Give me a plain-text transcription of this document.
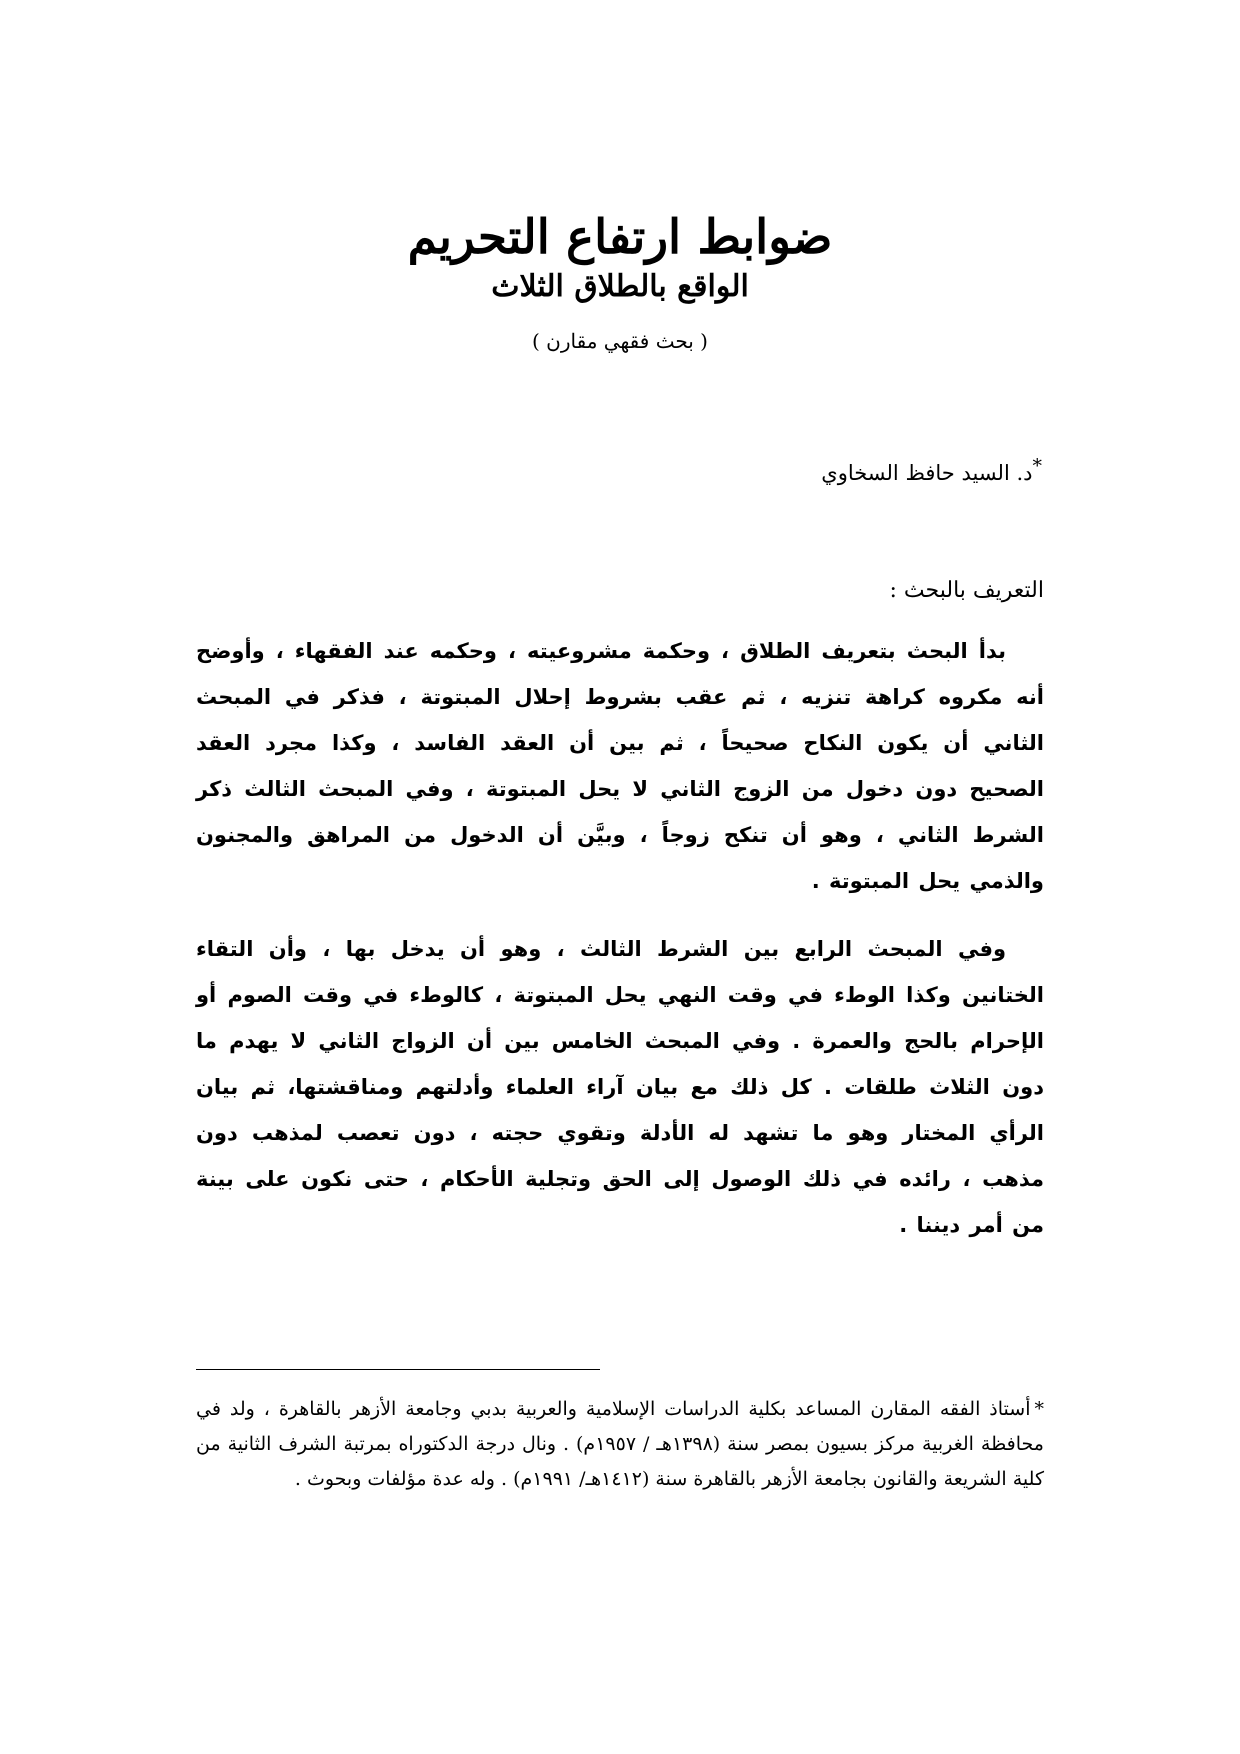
ضوابط ارتفاع التحريم
الواقع بالطلاق الثلاث
( بحث فقهي مقارن )
*د. السيد حافظ السخاوي
التعريف بالبحث :

بدأ البحث بتعريف الطلاق ، وحكمة مشروعيته ، وحكمه عند الفقهاء ، وأوضح أنه مكروه كراهة تنزيه ، ثم عقب بشروط إحلال المبتوتة ، فذكر في المبحث الثاني أن يكون النكاح صحيحاً ، ثم بين أن العقد الفاسد ، وكذا مجرد العقد الصحيح دون دخول من الزوج الثاني لا يحل المبتوتة ، وفي المبحث الثالث ذكر الشرط الثاني ، وهو أن تنكح زوجاً ، وبيَّن أن الدخول من المراهق والمجنون والذمي يحل المبتوتة .

وفي المبحث الرابع بين الشرط الثالث ، وهو أن يدخل بها ، وأن التقاء الختانين وكذا الوطء في وقت النهي يحل المبتوتة ، كالوطء في وقت الصوم أو الإحرام بالحج والعمرة . وفي المبحث الخامس بين أن الزواج الثاني لا يهدم ما دون الثلاث طلقات . كل ذلك مع بيان آراء العلماء وأدلتهم ومناقشتها، ثم بيان الرأي المختار وهو ما تشهد له الأدلة وتقوي حجته ، دون تعصب لمذهب دون مذهب ، رائده في ذلك الوصول إلى الحق وتجلية الأحكام ، حتى نكون على بينة من أمر ديننا .

*أستاذ الفقه المقارن المساعد بكلية الدراسات الإسلامية والعربية بدبي وجامعة الأزهر بالقاهرة ، ولد في محافظة الغربية مركز بسيون بمصر سنة (١٣٩٨هـ / ١٩٥٧م) . ونال درجة الدكتوراه بمرتبة الشرف الثانية من كلية الشريعة والقانون بجامعة الأزهر بالقاهرة سنة (١٤١٢هـ/ ١٩٩١م) . وله عدة مؤلفات وبحوث .
